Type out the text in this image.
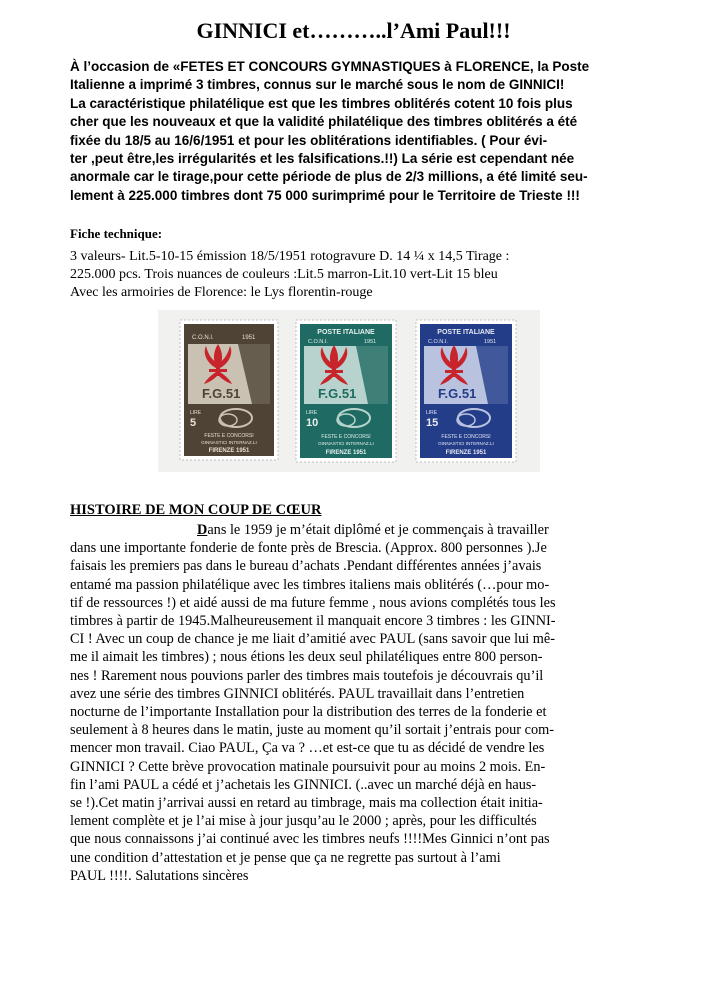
GINNICI et………..l’Ami Paul!!!
À l’occasion de «FETES ET CONCOURS GYMNASTIQUES à FLORENCE, la Poste
Italienne a imprimé 3 timbres, connus sur le marché sous le nom de GINNICI!
La caractéristique philatélique est que les timbres oblitérés cotent 10 fois plus
cher que les nouveaux et que la validité philatélique des timbres oblitérés a été
fixée du 18/5 au 16/6/1951 et pour les oblitérations identifiables. ( Pour évi-
ter ,peut être,les irrégularités et les falsifications.!!) La série est cependant née
anormale car le tirage,pour cette période de plus de 2/3 millions, a été limité seu-
lement à 225.000 timbres dont 75 000 surimprimé pour le Territoire de Trieste !!!
Fiche technique:
3 valeurs- Lit.5-10-15 émission 18/5/1951 rotogravure D. 14 ¼ x 14,5 Tirage :
225.000 pcs. Trois nuances de couleurs :Lit.5 marron-Lit.10 vert-Lit 15 bleu
Avec les armoiries de Florence: le Lys florentin-rouge
C.O.N.I.	1951
F.G.51
LIRE
5
FESTE E CONCORSI
GINNASTICI INTERNAZ.LI
FIRENZE 1951
POSTE ITALIANE
C.O.N.I.	1951
F.G.51
LIRE
10
FESTE E CONCORSI
GINNASTICI INTERNAZ.LI
FIRENZE 1951
POSTE ITALIANE
C.O.N.I.	1951
F.G.51
LIRE
15
FESTE E CONCORSI
GINNASTICI INTERNAZ.LI
FIRENZE 1951
HISTOIRE DE MON COUP DE CŒUR
Dans le 1959 je m’était diplômé et je commençais à travailler
dans une importante fonderie de fonte près de Brescia. (Approx. 800 personnes ).Je
faisais les premiers pas dans le bureau d’achats .Pendant différentes années j’avais
entamé ma passion philatélique avec les timbres italiens mais oblitérés (…pour mo-
tif de ressources !) et aidé aussi de ma future femme , nous avions complétés tous les
timbres à partir de 1945.Malheureusement il manquait encore 3 timbres : les GINNI-
CI ! Avec un coup de chance je me liait d’amitié avec PAUL (sans savoir que lui mê-
me il aimait les timbres) ; nous étions les deux seul philatéliques entre 800 person-
nes ! Rarement nous pouvions parler des timbres mais toutefois je découvrais qu’il
avez une série des timbres GINNICI oblitérés. PAUL travaillait dans l’entretien
nocturne de l’importante Installation pour la distribution des terres de la fonderie et
seulement à 8 heures dans le matin, juste au moment qu’il sortait j’entrais pour com-
mencer mon travail. Ciao PAUL, Ça va ? …et est-ce que tu as décidé de vendre les
GINNICI ? Cette brève provocation matinale poursuivit pour au moins 2 mois. En-
fin l’ami PAUL a cédé et j’achetais les GINNICI. (..avec un marché déjà en haus-
se !).Cet matin j’arrivai aussi en retard au timbrage, mais ma collection était initia-
lement complète et je l’ai mise à jour jusqu’au le 2000 ; après, pour les difficultés
que nous connaissons j’ai continué avec les timbres neufs !!!!Mes Ginnici n’ont pas
une condition d’attestation et je pense que ça ne regrette pas surtout à l’ami
PAUL !!!!. Salutations sincères
